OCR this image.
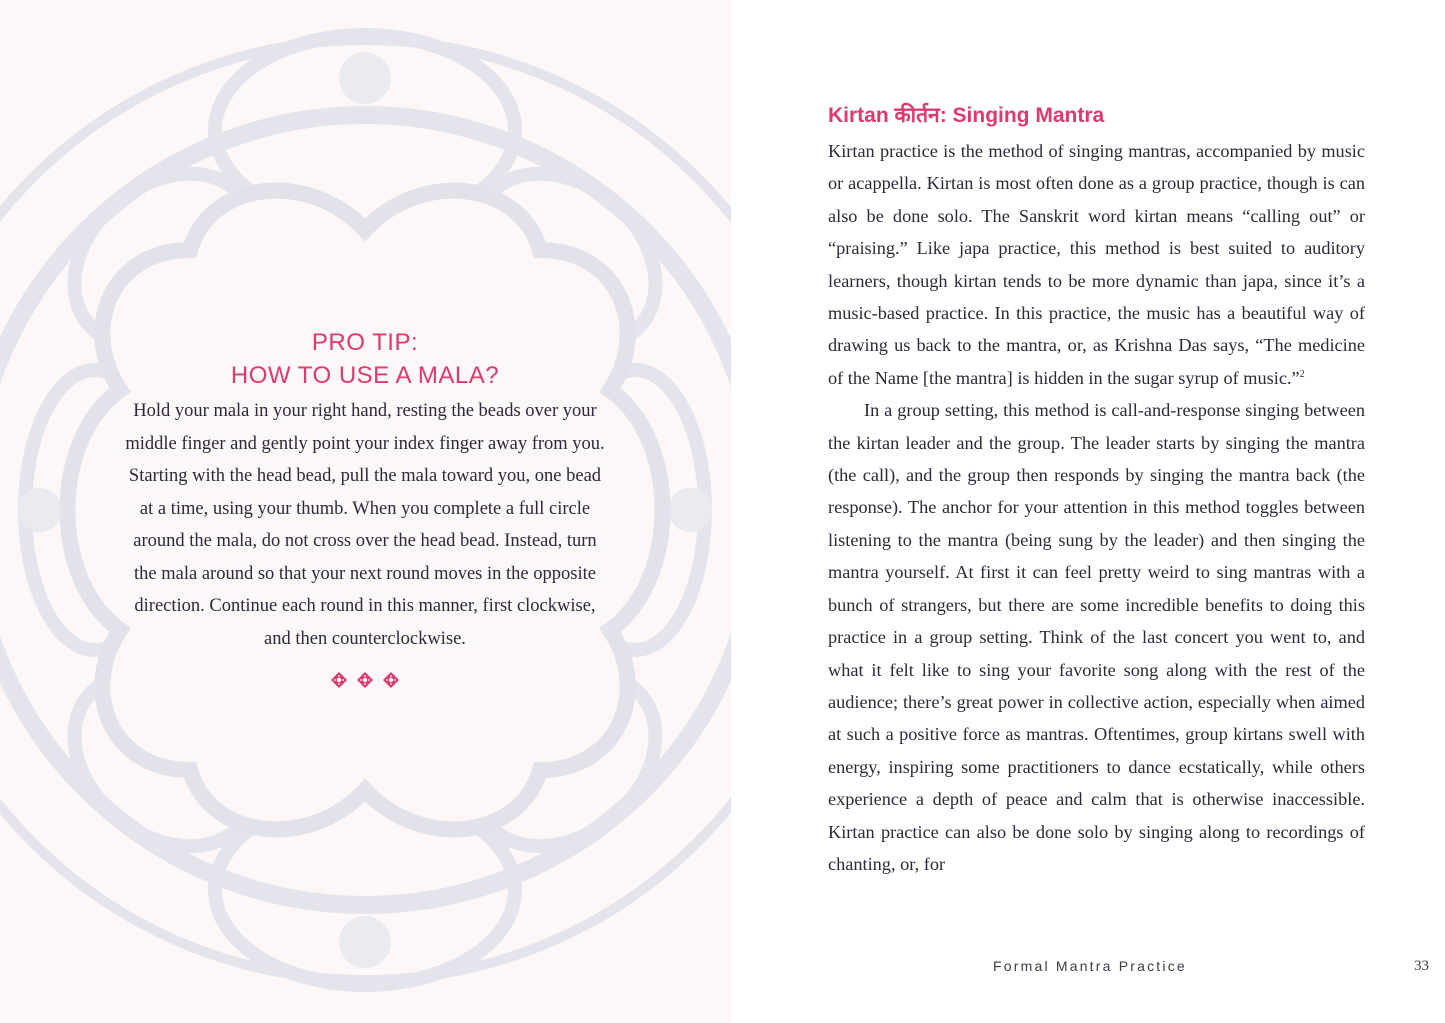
PRO TIP:
HOW TO USE A MALA?

Hold your mala in your right hand, resting the beads over your middle finger and gently point your index finger away from you. Starting with the head bead, pull the mala toward you, one bead at a time, using your thumb. When you complete a full circle around the mala, do not cross over the head bead. Instead, turn the mala around so that your next round moves in the opposite direction. Continue each round in this manner, first clockwise, and then counterclockwise.

Kirtan कीर्तन: Singing Mantra

Kirtan practice is the method of singing mantras, accompanied by music or acappella. Kirtan is most often done as a group practice, though is can also be done solo. The Sanskrit word kirtan means “calling out” or “praising.” Like japa practice, this method is best suited to auditory learners, though kirtan tends to be more dynamic than japa, since it’s a music-based practice. In this practice, the music has a beautiful way of drawing us back to the mantra, or, as Krishna Das says, “The medicine of the Name [the mantra] is hidden in the sugar syrup of music.”$^2$

In a group setting, this method is call-and-response singing between the kirtan leader and the group. The leader starts by singing the mantra (the call), and the group then responds by singing the mantra back (the response). The anchor for your attention in this method toggles between listening to the mantra (being sung by the leader) and then singing the mantra yourself. At first it can feel pretty weird to sing mantras with a bunch of strangers, but there are some incredible benefits to doing this practice in a group setting. Think of the last concert you went to, and what it felt like to sing your favorite song along with the rest of the audience; there’s great power in collective action, especially when aimed at such a positive force as mantras. Oftentimes, group kirtans swell with energy, inspiring some practitioners to dance ecstatically, while others experience a depth of peace and calm that is otherwise inaccessible. Kirtan practice can also be done solo by singing along to recordings of chanting, or, for

Formal Mantra Practice	33
